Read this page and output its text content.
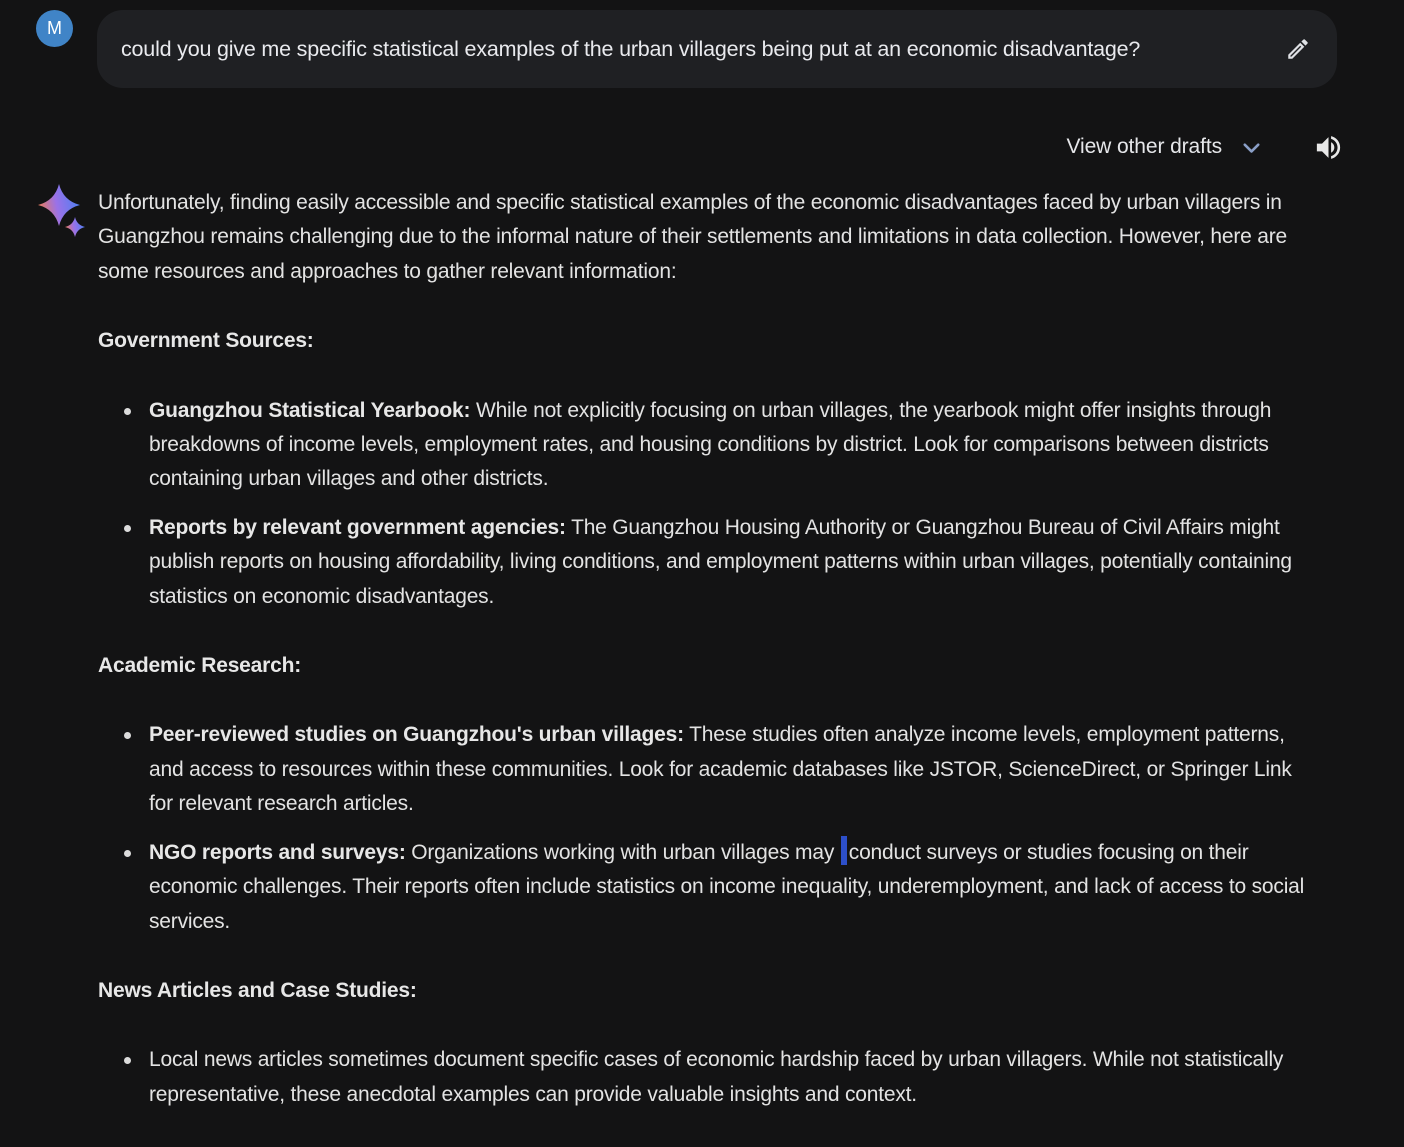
M
could you give me specific statistical examples of the urban villagers being put at an economic disadvantage?
View other drafts

Unfortunately, finding easily accessible and specific statistical examples of the economic disadvantages faced by urban villagers in Guangzhou remains challenging due to the informal nature of their settlements and limitations in data collection. However, here are some resources and approaches to gather relevant information:

Government Sources:
Guangzhou Statistical Yearbook: While not explicitly focusing on urban villages, the yearbook might offer insights through breakdowns of income levels, employment rates, and housing conditions by district. Look for comparisons between districts containing urban villages and other districts.
Reports by relevant government agencies: The Guangzhou Housing Authority or Guangzhou Bureau of Civil Affairs might publish reports on housing affordability, living conditions, and employment patterns within urban villages, potentially containing statistics on economic disadvantages.
Academic Research:
Peer-reviewed studies on Guangzhou's urban villages: These studies often analyze income levels, employment patterns, and access to resources within these communities. Look for academic databases like JSTOR, ScienceDirect, or Springer Link for relevant research articles.
NGO reports and surveys: Organizations working with urban villages may conduct surveys or studies focusing on their economic challenges. Their reports often include statistics on income inequality, underemployment, and lack of access to social services.
News Articles and Case Studies:
Local news articles sometimes document specific cases of economic hardship faced by urban villagers. While not statistically representative, these anecdotal examples can provide valuable insights and context.
